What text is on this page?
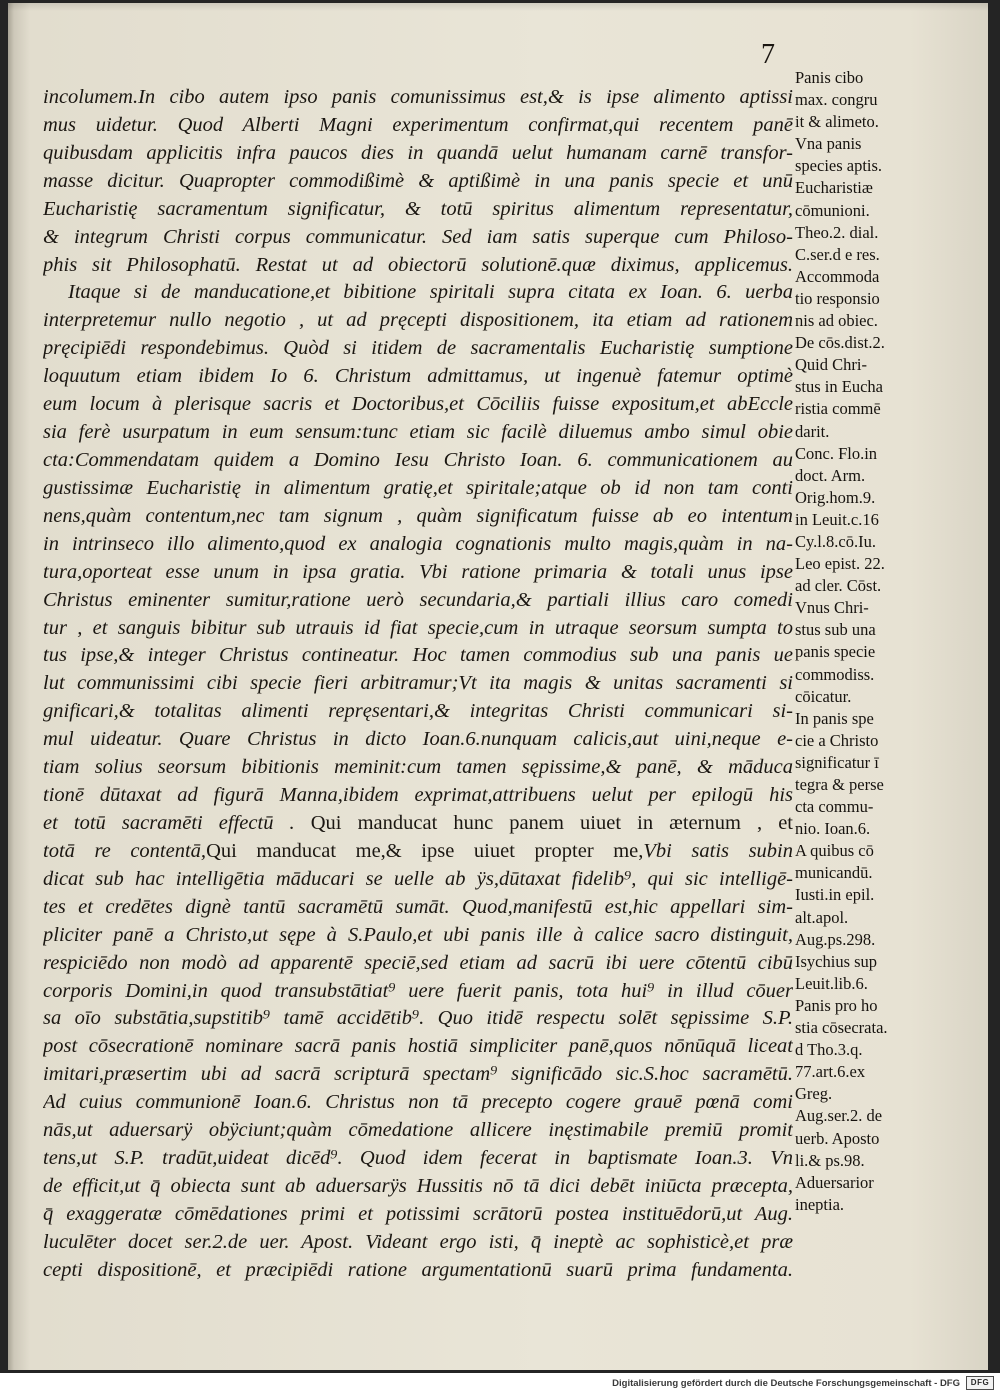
7
incolumem.In cibo autem ipso panis comunissimus est,& is ipse alimento aptissi
mus uidetur. Quod Alberti Magni experimentum confirmat,qui recentem panē
quibusdam applicitis infra paucos dies in quandā uelut humanam carnē transfor-
masse dicitur. Quapropter commodißimè & aptißimè in una panis specie et unū
Eucharistię sacramentum significatur, & totū spiritus alimentum representatur,
& integrum Christi corpus communicatur. Sed iam satis superque cum Philoso-
phis sit Philosophatū. Restat ut ad obiectorū solutionē.quæ diximus, applicemus.
Itaque si de manducatione,et bibitione spiritali supra citata ex Ioan. 6. uerba
interpretemur nullo negotio , ut ad pręcepti dispositionem, ita etiam ad rationem
pręcipiēdi respondebimus. Quòd si itidem de sacramentalis Eucharistię sumptione
loquutum etiam ibidem Io 6. Christum admittamus, ut ingenuè fatemur optimè
eum locum à plerisque sacris et Doctoribus,et Cōciliis fuisse expositum,et abEccle
sia ferè usurpatum in eum sensum:tunc etiam sic facilè diluemus ambo simul obie
cta:Commendatam quidem a Domino Iesu Christo Ioan. 6. communicationem au
gustissimæ Eucharistię in alimentum gratię,et spiritale;atque ob id non tam conti
nens,quàm contentum,nec tam signum , quàm significatum fuisse ab eo intentum
in intrinseco illo alimento,quod ex analogia cognationis multo magis,quàm in na-
tura,oporteat esse unum in ipsa gratia. Vbi ratione primaria & totali unus ipse
Christus eminenter sumitur,ratione uerò secundaria,& partiali illius caro comedi
tur , et sanguis bibitur sub utrauis id fiat specie,cum in utraque seorsum sumpta to
tus ipse,& integer Christus contineatur. Hoc tamen commodius sub una panis ue
lut communissimi cibi specie fieri arbitramur;Vt ita magis & unitas sacramenti si
gnificari,& totalitas alimenti repręsentari,& integritas Christi communicari si-
mul uideatur. Quare Christus in dicto Ioan.6.nunquam calicis,aut uini,neque e-
tiam solius seorsum bibitionis meminit:cum tamen sępissime,& panē, & māduca
tionē dūtaxat ad figurā Manna,ibidem exprimat,attribuens uelut per epilogū his
et totū sacramēti effectū . Qui manducat hunc panem uiuet in æternum , et
totā re contentā,Qui manducat me,& ipse uiuet propter me,Vbi satis subin
dicat sub hac intelligētia māducari se uelle ab ÿs,dūtaxat fidelib⁹, qui sic intelligē-
tes et credētes dignè tantū sacramētū sumāt. Quod,manifestū est,hic appellari sim-
pliciter panē a Christo,ut sępe à S.Paulo,et ubi panis ille à calice sacro distinguit,
respiciēdo non modò ad apparentē speciē,sed etiam ad sacrū ibi uere cōtentū cibū
corporis Domini,in quod transubstātiat⁹ uere fuerit panis, tota hui⁹ in illud cōuer
sa oīo substātia,supstitib⁹ tamē accidētib⁹. Quo itidē respectu solēt sępissime S.P.
post cōsecrationē nominare sacrā panis hostiā simpliciter panē,quos nōnūquā liceat
imitari,præsertim ubi ad sacrā scripturā spectam⁹ significādo sic.S.hoc sacramētū.
Ad cuius communionē Ioan.6. Christus non tā precepto cogere grauē pœnā comi
nās,ut aduersarÿ obÿciunt;quàm cōmedatione allicere inęstimabile premiū promit
tens,ut S.P. tradūt,uideat dicēd⁹. Quod idem fecerat in baptismate Ioan.3. Vn
de efficit,ut q̄ obiecta sunt ab aduersarÿs Hussitis nō tā dici debēt iniūcta præcepta,
q̄ exaggeratæ cōmēdationes primi et potissimi scrātorū postea instituēdorū,ut Aug.
luculēter docet ser.2.de uer. Apost. Videant ergo isti, q̄ ineptè ac sophisticè,et præ
cepti dispositionē, et præcipiēdi ratione argumentationū suarū prima fundamenta.
Panis cibo
max. congru
it & alimeto.
Vna panis
species aptis.
Eucharistiæ
cōmunioni.
Theo.2. dial.
C.ser.d e res.
Accommoda
tio responsio
nis ad obiec.
De cōs.dist.2.
Quid Chri-
stus in Eucha
ristia commē
darit.
Conc. Flo.in
doct. Arm.
Orig.hom.9.
in Leuit.c.16
Cy.l.8.cō.Iu.
Leo epist. 22.
ad cler. Cōst.
Vnus Chri-
stus sub una
panis specie
commodiss.
cōicatur.
In panis spe
cie a Christo
significatur ī
tegra & perse
cta commu-
nio. Ioan.6.
A quibus cō
municandū.
Iusti.in epil.
alt.apol.
Aug.ps.298.
Isychius sup
Leuit.lib.6.
Panis pro ho
stia cōsecrata.
d Tho.3.q.
77.art.6.ex
Greg.
Aug.ser.2. de
uerb. Aposto
li.& ps.98.
Aduersarior
ineptia.
Digitalisierung gefördert durch die Deutsche Forschungsgemeinschaft - DFG	DFG
